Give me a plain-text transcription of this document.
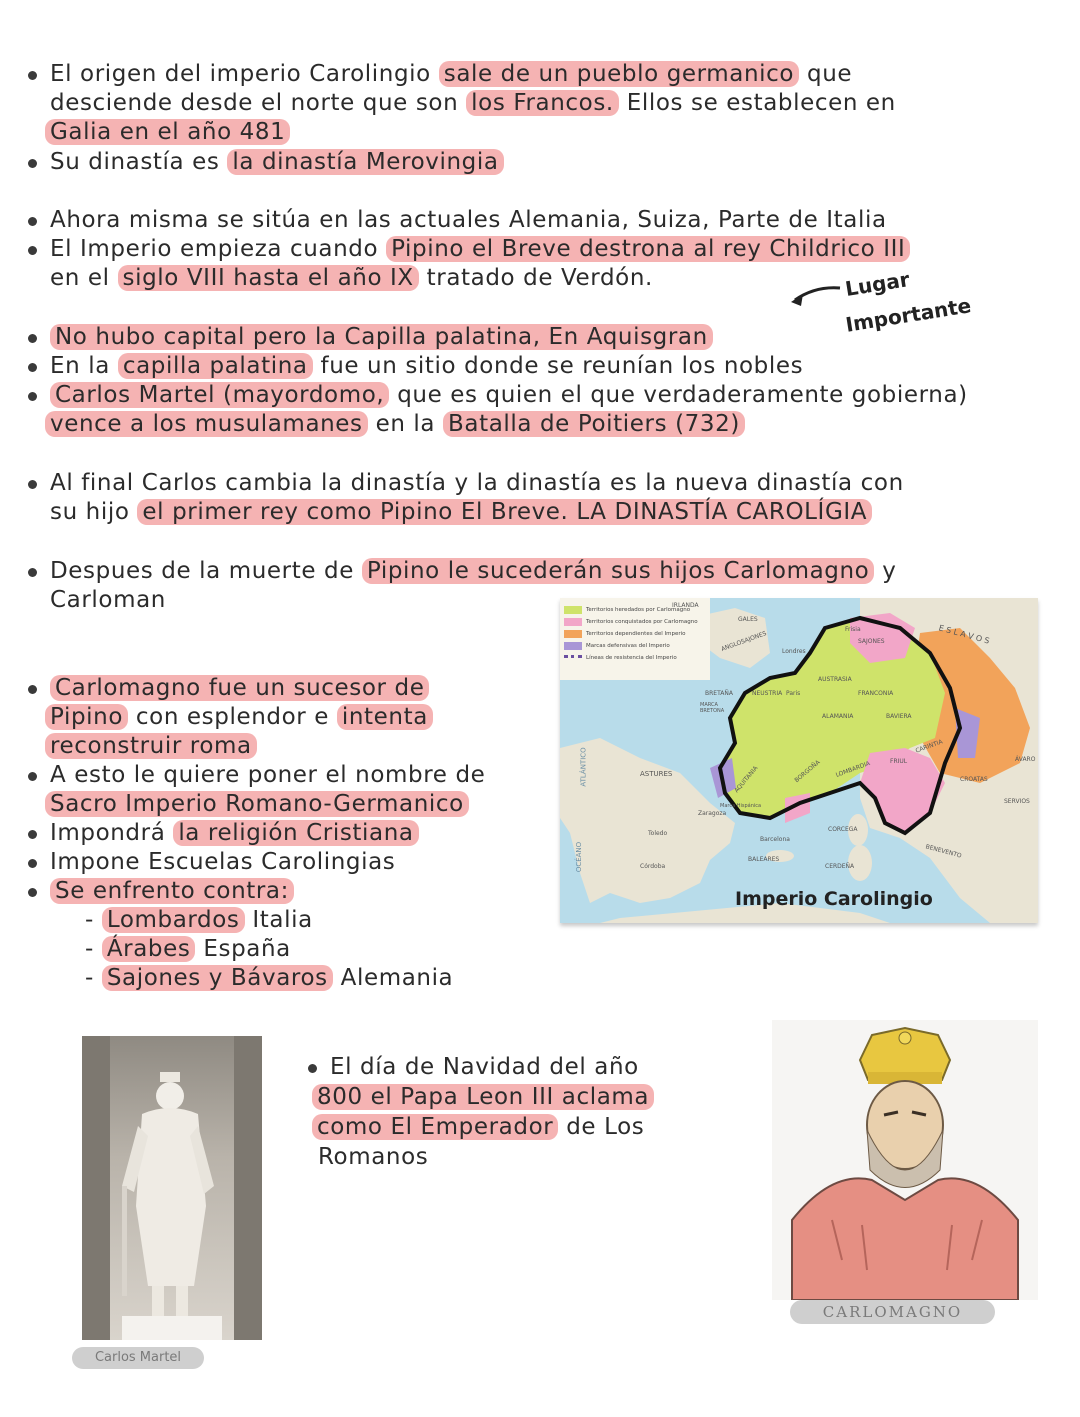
El origen del imperio Carolingio sale de un pueblo germanico que
desciende desde el norte que son los Francos. Ellos se establecen en
Galia en el año 481
Su dinastía es la dinastía Merovingia
Ahora misma se sitúa en las actuales Alemania, Suiza, Parte de Italia
El Imperio empieza cuando Pipino el Breve destrona al rey Childrico III
en el siglo VIII hasta el año IX tratado de Verdón.	Lugar
Importante
No hubo capital pero la Capilla palatina, En Aquisgran
En la capilla palatina fue un sitio donde se reunían los nobles
Carlos Martel (mayordomo, que es quien el que verdaderamente gobierna)
vence a los musulamanes en la Batalla de Poitiers (732)
Al final Carlos cambia la dinastía y la dinastía es la nueva dinastía con
su hijo el primer rey como Pipino El Breve. LA DINASTÍA CAROLÍGIA
Despues de la muerte de Pipino le sucederán sus hijos Carlomagno y
Carloman
Carlomagno fue un sucesor de
Pipino con esplendor e intenta
reconstruir roma
A esto le quiere poner el nombre de
Sacro Imperio Romano-Germanico
Impondrá la religión Cristiana
Impone Escuelas Carolingias
Se enfrento contra:
- Lombardos Italia
- Árabes España
- Sajones y Bávaros Alemania
El día de Navidad del año
800 el Papa Leon III aclama
como El Emperador de Los
Romanos
Territorios heredados por Carlomagno
Territorios conquistados por Carlomagno
Territorios dependientes del Imperio
Marcas defensivas del Imperio
Líneas de resistencia del Imperio
IRLANDA
GALES
ANGLOSAJONES Londres
BRETAÑA
MARCA BRETONA
NEUSTRIA Paris
AUSTRASIA
SAJONES
Frisia
FRANCONIA
ALAMANIA	BAVIERA
CARINTIA
BORGOÑA
AQUITANIA	LOMBARDIA	FRIUL
CROATAS
SERVIOS
ÁVARO
E S L A V O S
ASTURES
ATLÁNTICO
OCÉANO
CORCEGA
CERDEÑA
BALEARES	BENEVENTO
Toledo
Córdoba
Zaragoza
Barcelona
Marca Hispánica
Imperio Carolingio
Carlos Martel
CARLOMAGNO
